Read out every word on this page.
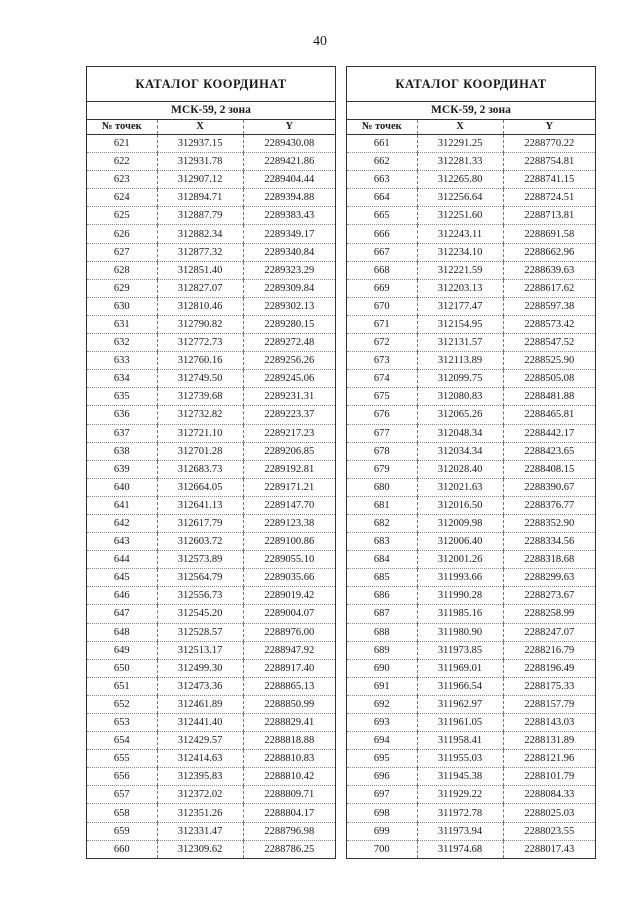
40
КАТАЛОГ КООРДИНАТ
МСК-59, 2 зона
№ точек	X	Y
621	312937.15	2289430.08
622	312931.78	2289421.86
623	312907.12	2289404.44
624	312894.71	2289394.88
625	312887.79	2289383.43
626	312882.34	2289349.17
627	312877.32	2289340.84
628	312851.40	2289323.29
629	312827.07	2289309.84
630	312810.46	2289302.13
631	312790.82	2289280.15
632	312772.73	2289272.48
633	312760.16	2289256.26
634	312749.50	2289245.06
635	312739.68	2289231.31
636	312732.82	2289223.37
637	312721.10	2289217.23
638	312701.28	2289206.85
639	312683.73	2289192.81
640	312664.05	2289171.21
641	312641.13	2289147.70
642	312617.79	2289123.38
643	312603.72	2289100.86
644	312573.89	2289055.10
645	312564.79	2289035.66
646	312556.73	2289019.42
647	312545.20	2289004.07
648	312528.57	2288976.00
649	312513.17	2288947.92
650	312499.30	2288917.40
651	312473.36	2288865.13
652	312461.89	2288850.99
653	312441.40	2288829.41
654	312429.57	2288818.88
655	312414.63	2288810.83
656	312395.83	2288810.42
657	312372.02	2288809.71
658	312351.26	2288804.17
659	312331.47	2288796.98
660	312309.62	2288786.25
КАТАЛОГ КООРДИНАТ
МСК-59, 2 зона
№ точек	X	Y
661	312291.25	2288770.22
662	312281.33	2288754.81
663	312265.80	2288741.15
664	312256.64	2288724.51
665	312251.60	2288713.81
666	312243.11	2288691.58
667	312234.10	2288662.96
668	312221.59	2288639.63
669	312203.13	2288617.62
670	312177.47	2288597.38
671	312154.95	2288573.42
672	312131.57	2288547.52
673	312113.89	2288525.90
674	312099.75	2288505.08
675	312080.83	2288481.88
676	312065.26	2288465.81
677	312048.34	2288442.17
678	312034.34	2288423.65
679	312028.40	2288408.15
680	312021.63	2288390.67
681	312016.50	2288376.77
682	312009.98	2288352.90
683	312006.40	2288334.56
684	312001.26	2288318.68
685	311993.66	2288299.63
686	311990.28	2288273.67
687	311985.16	2288258.99
688	311980.90	2288247.07
689	311973.85	2288216.79
690	311969.01	2288196.49
691	311966.54	2288175.33
692	311962.97	2288157.79
693	311961.05	2288143.03
694	311958.41	2288131.89
695	311955.03	2288121.96
696	311945.38	2288101.79
697	311929.22	2288084.33
698	311972.78	2288025.03
699	311973.94	2288023.55
700	311974.68	2288017.43
